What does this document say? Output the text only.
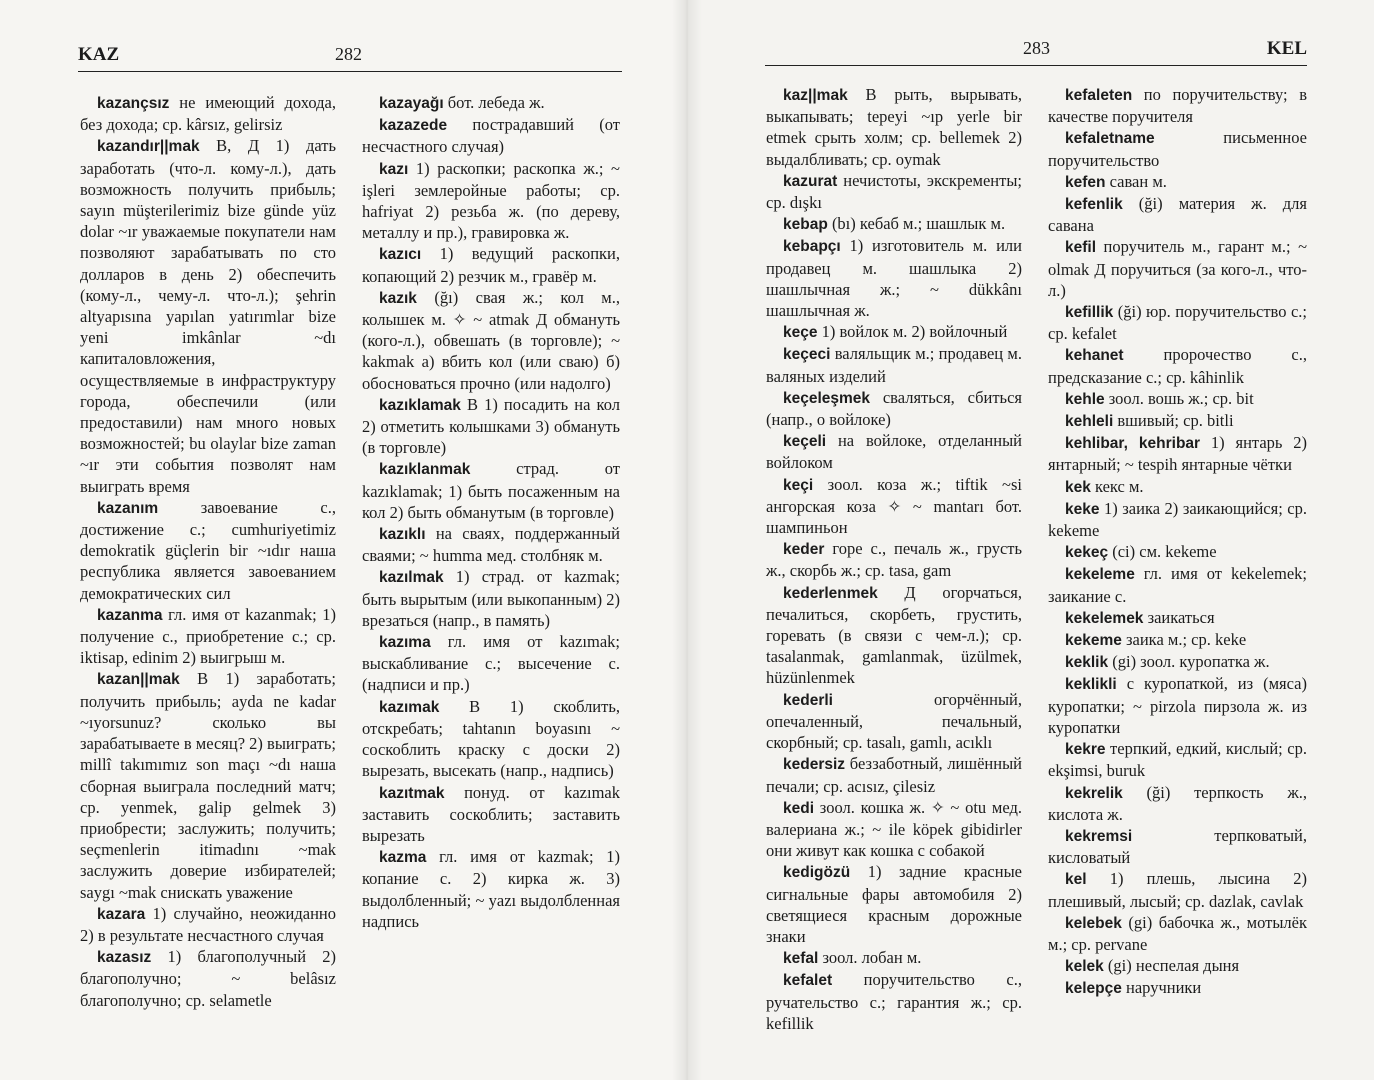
KAZ	282

kazançsız не имеющий дохода, без дохода; ср. kârsız, gelirsiz

kazandır||mak В, Д 1) дать заработать (что-л. кому-л.), дать возможность получить прибыль; sayın müşterilerimiz bize günde yüz dolar ~ır уважаемые покупатели нам позволяют зарабатывать по сто долларов в день 2) обеспечить (кому-л., чему-л. что-л.); şehrin altyapısına yapılan yatırımlar bize yeni imkânlar ~dı капиталовложения, осуществляемые в инфраструктуру города, обеспечили (или предоставили) нам много новых возможностей; bu olaylar bize zaman ~ır эти события позволят нам выиграть время

kazanım завоевание с., достижение с.; cumhuriyetimiz demokratik güçlerin bir ~ıdır наша республика является завоеванием демократических сил

kazanma гл. имя от kazanmak; 1) получение с., приобретение с.; ср. iktisap, edinim 2) выигрыш м.

kazan||mak В 1) заработать; получить прибыль; ayda ne kadar ~ıyorsunuz? сколько вы зарабатываете в месяц? 2) выиграть; millî takımımız son maçı ~dı наша сборная выиграла последний матч; ср. yenmek, galip gelmek 3) приобрести; заслужить; получить; seçmenlerin itimadını ~mak заслужить доверие избирателей; saygı ~mak снискать уважение

kazara 1) случайно, неожиданно 2) в результате несчастного случая

kazasız 1) благополучный 2) благополучно; ~ belâsız благополучно; ср. selametle

kazayağı бот. лебеда ж.

kazazede пострадавший (от несчастного случая)

kazı 1) раскопки; раскопка ж.; ~ işleri землеройные работы; ср. hafriyat 2) резьба ж. (по дереву, металлу и пр.), гравировка ж.

kazıcı 1) ведущий раскопки, копающий 2) резчик м., гравёр м.

kazık (ğı) свая ж.; кол м., колышек м. ✧ ~ atmak Д обмануть (кого-л.), обвешать (в торговле); ~ kakmak а) вбить кол (или сваю) б) обосноваться прочно (или надолго)

kazıklamak В 1) посадить на кол 2) отметить колышками 3) обмануть (в торговле)

kazıklanmak страд. от kazıklamak; 1) быть посаженным на кол 2) быть обманутым (в торговле)

kazıklı на сваях, поддержанный сваями; ~ humma мед. столбняк м.

kazılmak 1) страд. от kazmak; быть вырытым (или выкопанным) 2) врезаться (напр., в память)

kazıma гл. имя от kazımak; выскабливание с.; высечение с. (надписи и пр.)

kazımak В 1) скоблить, отскребать; tahtanın boyasını ~ соскоблить краску с доски 2) вырезать, высекать (напр., надпись)

kazıtmak понуд. от kazımak заставить соскоблить; заставить вырезать

kazma гл. имя от kazmak; 1) копание с. 2) кирка ж. 3) выдолбленный; ~ yazı выдолбленная надпись

283	KEL

kaz||mak В рыть, вырывать, выкапывать; tepeyi ~ıp yerle bir etmek срыть холм; ср. bellemek 2) выдалбливать; ср. oymak

kazurat нечистоты, экскременты; ср. dışkı

kebap (bı) кебаб м.; шашлык м.

kebapçı 1) изготовитель м. или продавец м. шашлыка 2) шашлычная ж.; ~ dükkânı шашлычная ж.

keçe 1) войлок м. 2) войлочный

keçeci валяльщик м.; продавец м. валяных изделий

keçeleşmek сваляться, сбиться (напр., о войлоке)

keçeli на войлоке, отделанный войлоком

keçi зоол. коза ж.; tiftik ~si ангорская коза ✧ ~ mantarı бот. шампиньон

keder горе с., печаль ж., грусть ж., скорбь ж.; ср. tasa, gam

kederlenmek Д огорчаться, печалиться, скорбеть, грустить, горевать (в связи с чем-л.); ср. tasalanmak, gamlanmak, üzülmek, hüzünlenmek

kederli огорчённый, опечаленный, печальный, скорбный; ср. tasalı, gamlı, acıklı

kedersiz беззаботный, лишённый печали; ср. acısız, çilesiz

kedi зоол. кошка ж. ✧ ~ otu мед. валериана ж.; ~ ile köpek gibidirler они живут как кошка с собакой

kedigözü 1) задние красные сигнальные фары автомобиля 2) светящиеся красным дорожные знаки

kefal зоол. лобан м.

kefalet поручительство с., ручательство с.; гарантия ж.; ср. kefillik

kefaleten по поручительству; в качестве поручителя

kefaletname письменное поручительство

kefen саван м.

kefenlik (ği) материя ж. для савана

kefil поручитель м., гарант м.; ~ olmak Д поручиться (за кого-л., что-л.)

kefillik (ği) юр. поручительство с.; ср. kefalet

kehanet пророчество с., предсказание с.; ср. kâhinlik

kehle зоол. вошь ж.; ср. bit

kehleli вшивый; ср. bitli

kehlibar, kehribar 1) янтарь 2) янтарный; ~ tespih янтарные чётки

kek кекс м.

keke 1) заика 2) заикающийся; ср. kekeme

kekeç (ci) см. kekeme

kekeleme гл. имя от kekelemek; заикание с.

kekelemek заикаться

kekeme заика м.; ср. keke

keklik (gi) зоол. куропатка ж.

keklikli с куропаткой, из (мяса) куропатки; ~ pirzola пирзола ж. из куропатки

kekre терпкий, едкий, кислый; ср. ekşimsi, buruk

kekrelik (ği) терпкость ж., кислота ж.

kekremsi терпковатый, кисловатый

kel 1) плешь, лысина 2) плешивый, лысый; ср. dazlak, cavlak

kelebek (gi) бабочка ж., мотылёк м.; ср. pervane

kelek (gi) неспелая дыня

kelepçe наручники
